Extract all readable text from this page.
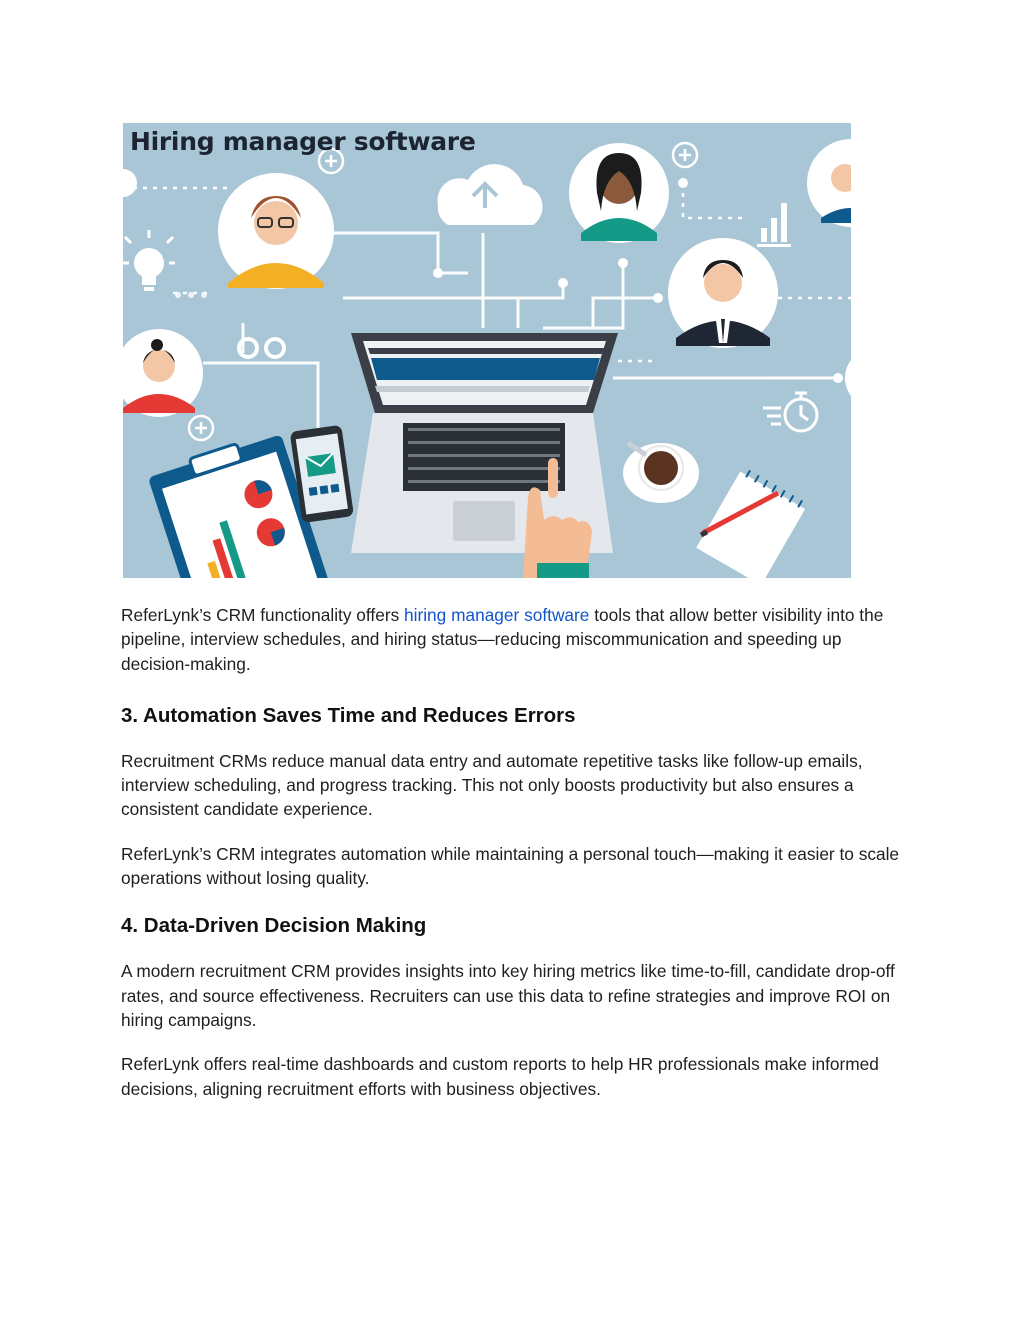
Hiring manager software

ReferLynk’s CRM functionality offers hiring manager software tools that allow better visibility into the pipeline, interview schedules, and hiring status—reducing miscommunication and speeding up decision-making.

3. Automation Saves Time and Reduces Errors

Recruitment CRMs reduce manual data entry and automate repetitive tasks like follow-up emails, interview scheduling, and progress tracking. This not only boosts productivity but also ensures a consistent candidate experience.

ReferLynk’s CRM integrates automation while maintaining a personal touch—making it easier to scale operations without losing quality.

4. Data-Driven Decision Making

A modern recruitment CRM provides insights into key hiring metrics like time-to-fill, candidate drop-off rates, and source effectiveness. Recruiters can use this data to refine strategies and improve ROI on hiring campaigns.

ReferLynk offers real-time dashboards and custom reports to help HR professionals make informed decisions, aligning recruitment efforts with business objectives.
